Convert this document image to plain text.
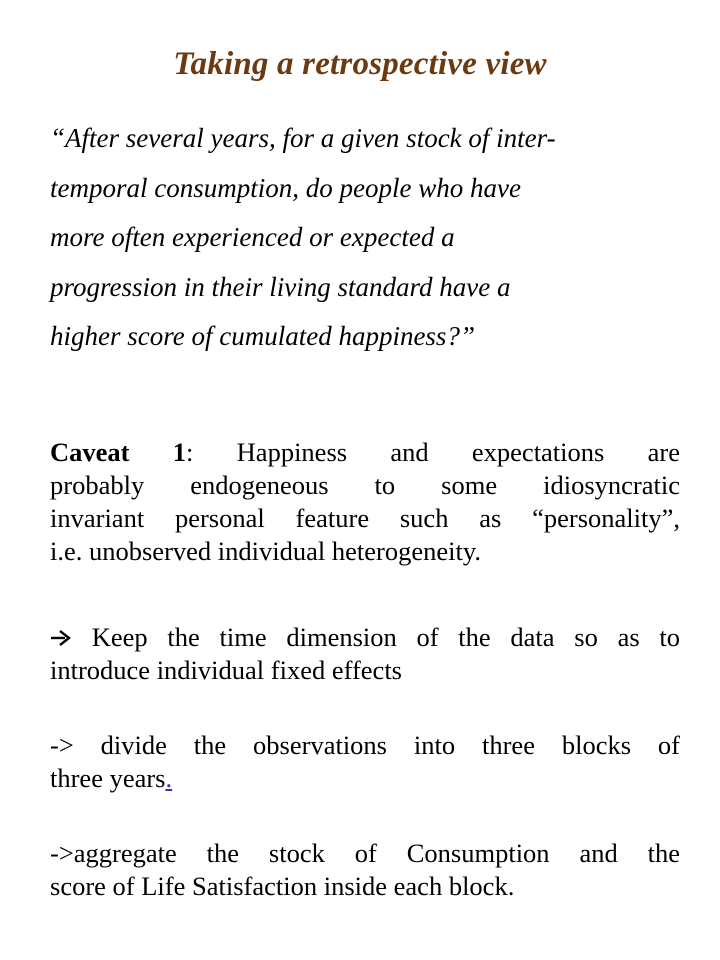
Taking a retrospective view
“After several years, for a given stock of inter-
temporal consumption, do people who have
more often experienced or expected a
progression in their living standard have a
higher score of cumulated happiness?”
Caveat 1: Happiness and expectations are
probably endogeneous to some idiosyncratic
invariant personal feature such as “personality”,
i.e. unobserved individual heterogeneity.
Keep the time dimension of the data so as to
introduce individual fixed effects
-> divide the observations into three blocks of
three years.
->aggregate the stock of Consumption and the
score of Life Satisfaction inside each block.
